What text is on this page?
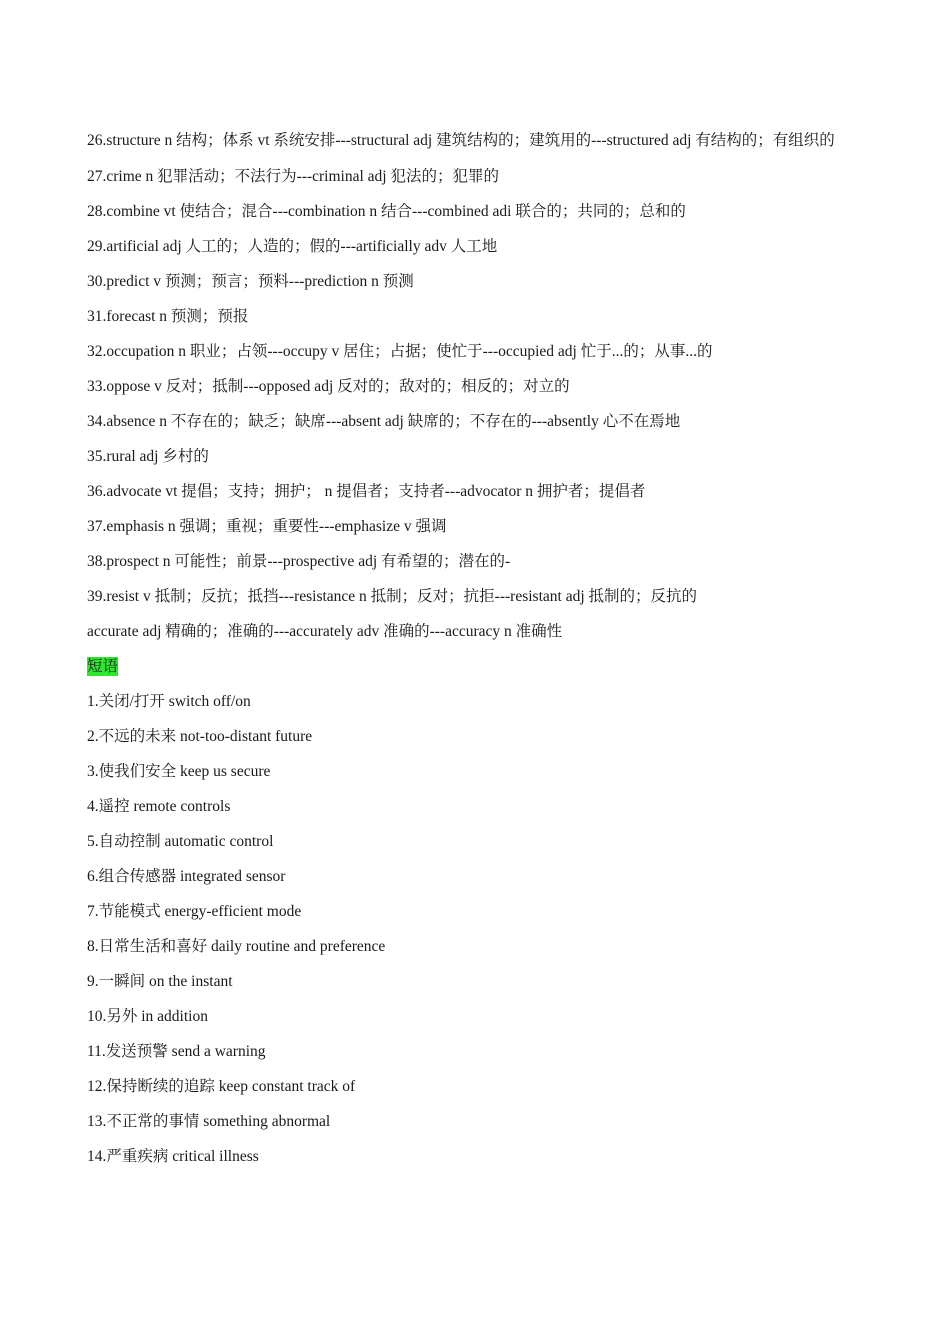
26.structure n 结构；体系 vt 系统安排---structural adj 建筑结构的；建筑用的---structured adj 有结构的；有组织的
27.crime n 犯罪活动；不法行为---criminal adj 犯法的；犯罪的
28.combine vt 使结合；混合---combination n 结合---combined adi 联合的；共同的；总和的
29.artificial adj 人工的；人造的；假的---artificially adv 人工地
30.predict v 预测；预言；预料---prediction n 预测
31.forecast n 预测；预报
32.occupation n 职业；占领---occupy v 居住；占据；使忙于---occupied adj 忙于...的；从事...的
33.oppose v 反对；抵制---opposed adj 反对的；敌对的；相反的；对立的
34.absence n 不存在的；缺乏；缺席---absent adj 缺席的；不存在的---absently 心不在焉地
35.rural adj 乡村的
36.advocate vt 提倡；支持；拥护； n 提倡者；支持者---advocator n 拥护者；提倡者
37.emphasis n 强调；重视；重要性---emphasize v 强调
38.prospect n 可能性；前景---prospective adj 有希望的；潜在的-
39.resist v 抵制；反抗；抵挡---resistance n 抵制；反对；抗拒---resistant adj 抵制的；反抗的
accurate adj 精确的；准确的---accurately adv 准确的---accuracy n 准确性
短语
1.关闭/打开 switch off/on
2.不远的未来 not-too-distant future
3.使我们安全 keep us secure
4.遥控 remote controls
5.自动控制 automatic control
6.组合传感器 integrated sensor
7.节能模式 energy-efficient mode
8.日常生活和喜好 daily routine and preference
9.一瞬间 on the instant
10.另外 in addition
11.发送预警 send a warning
12.保持断续的追踪 keep constant track of
13.不正常的事情 something abnormal
14.严重疾病 critical illness
